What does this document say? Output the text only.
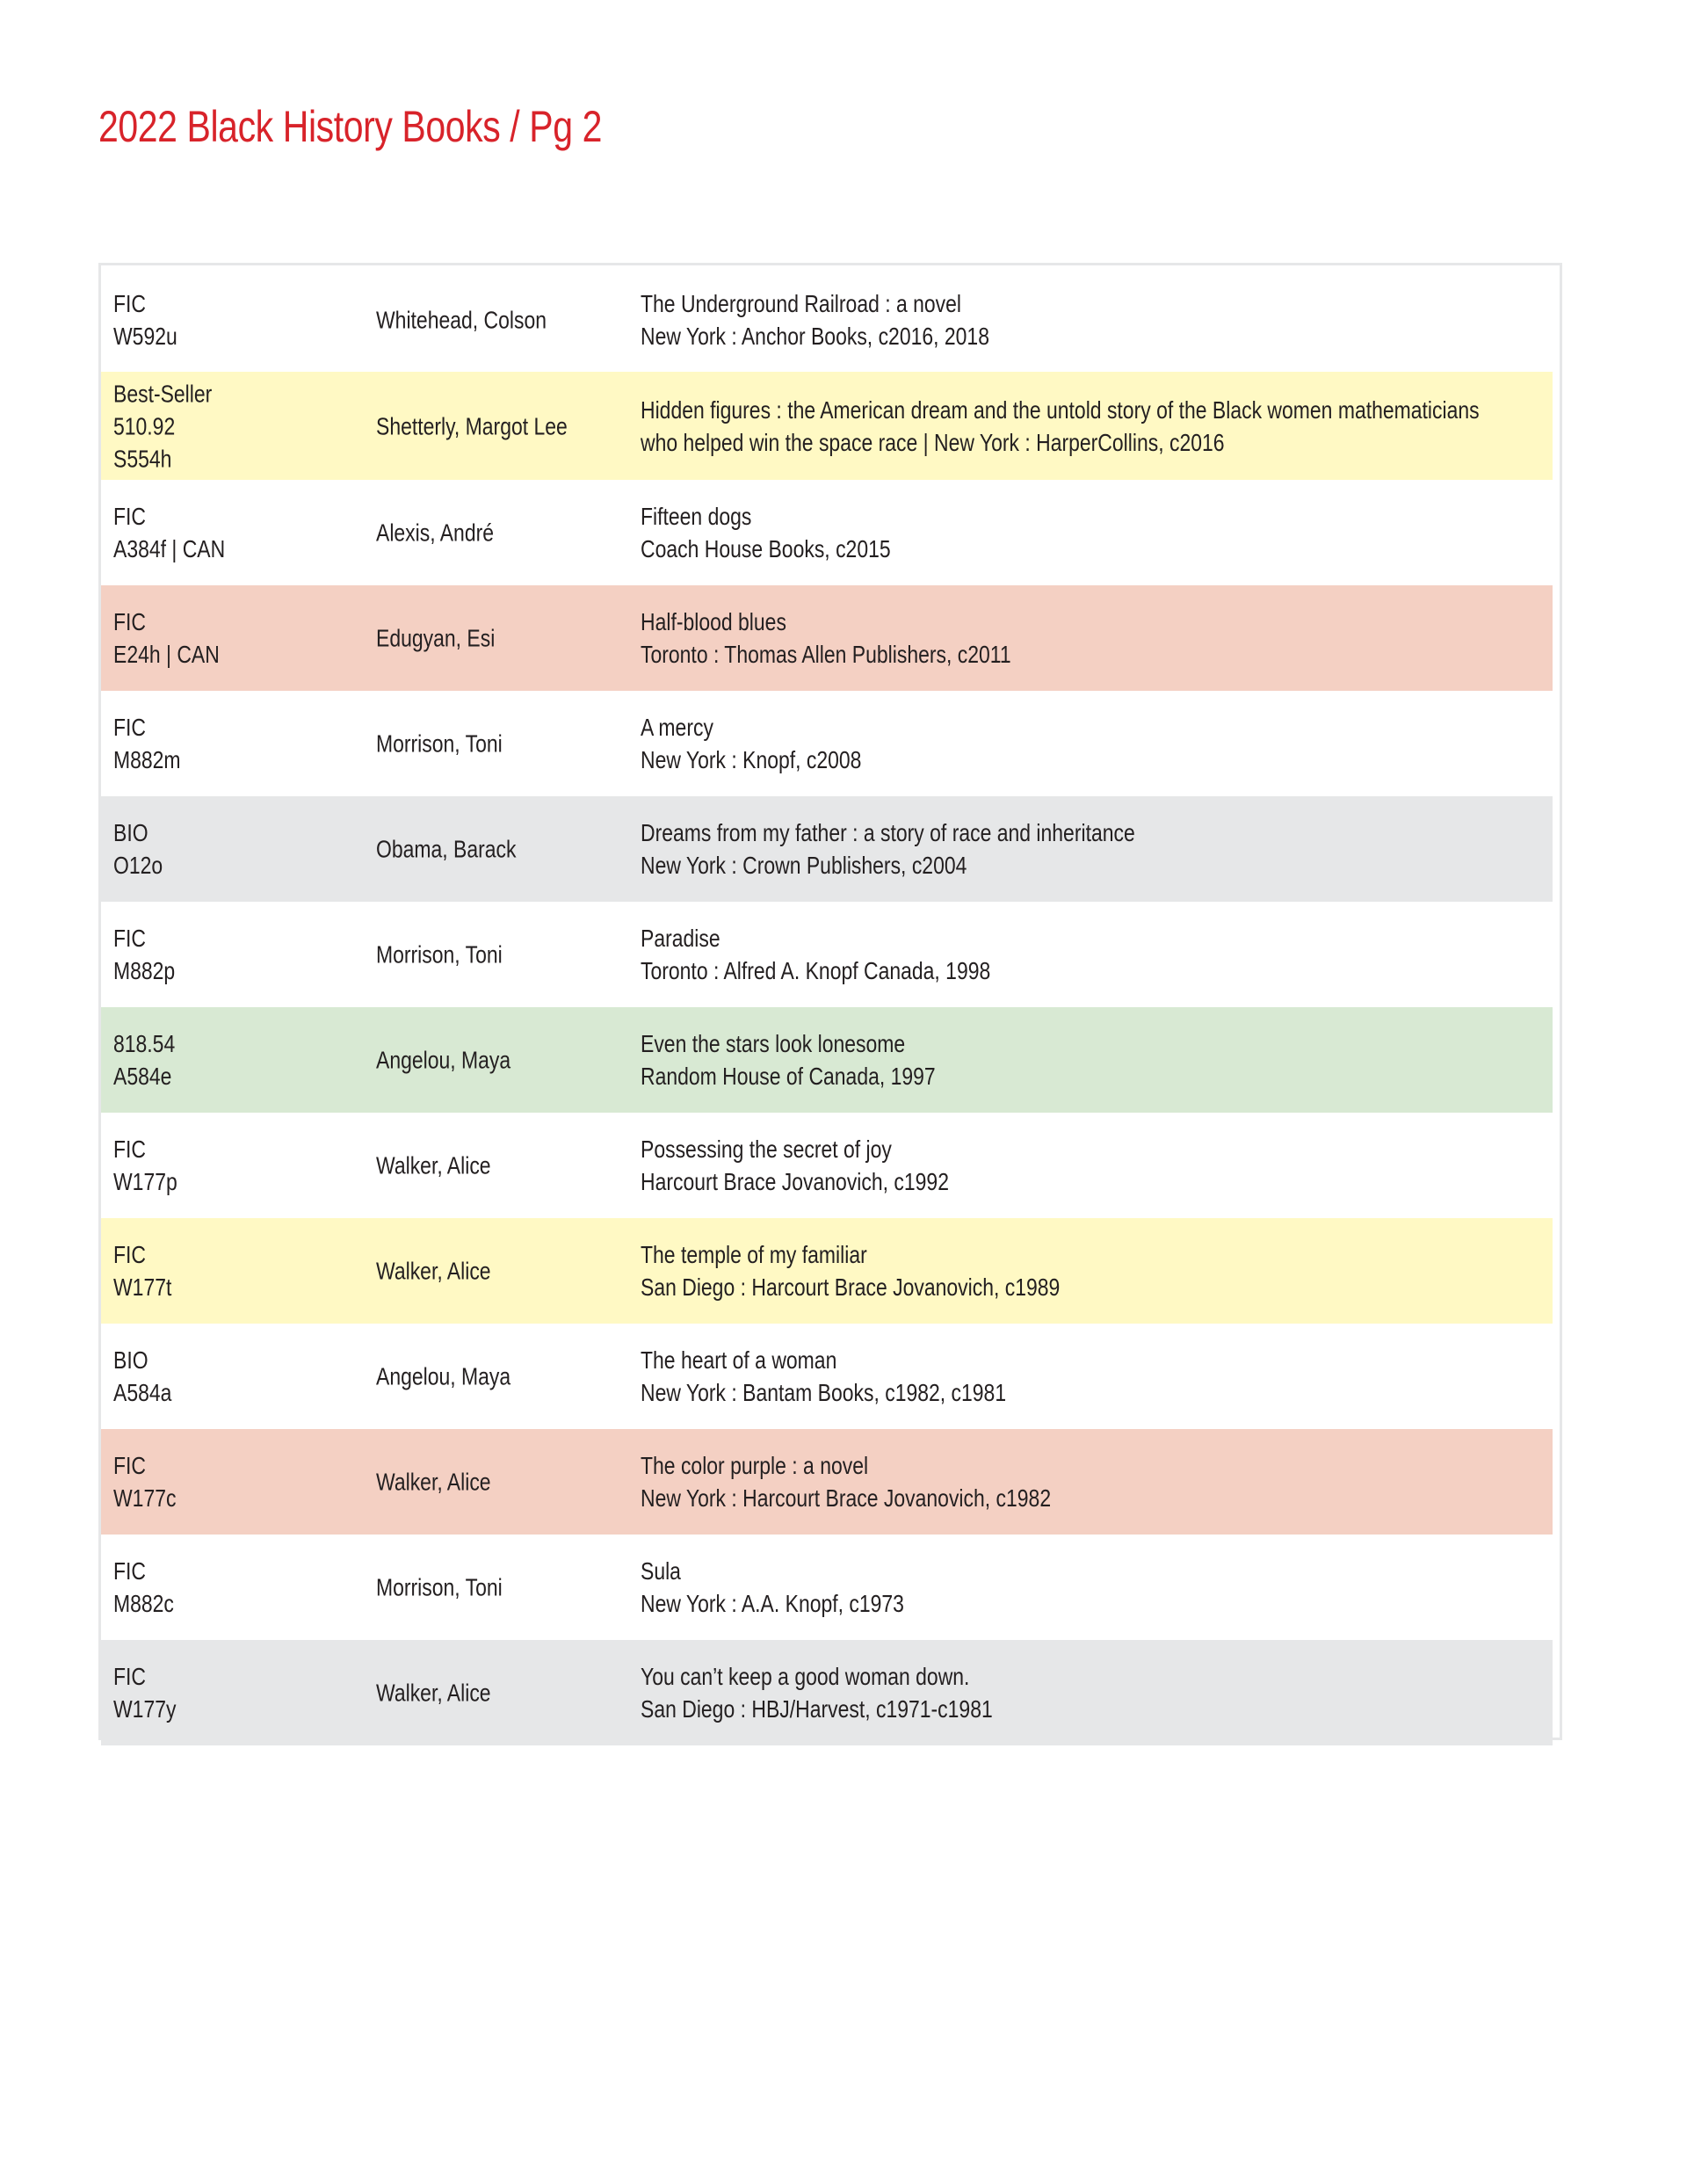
2022 Black History Books / Pg 2
FIC
W592u
Whitehead, Colson
The Underground Railroad : a novel
New York : Anchor Books, c2016, 2018
Best-Seller
510.92
S554h
Shetterly, Margot Lee
Hidden figures : the American dream and the untold story of the Black women mathematicians
who helped win the space race | New York : HarperCollins, c2016
FIC
A384f | CAN
Alexis, André
Fifteen dogs
Coach House Books, c2015
FIC
E24h | CAN
Edugyan, Esi
Half-blood blues
Toronto : Thomas Allen Publishers, c2011
FIC
M882m
Morrison, Toni
A mercy
New York : Knopf, c2008
BIO
O12o
Obama, Barack
Dreams from my father : a story of race and inheritance
New York : Crown Publishers, c2004
FIC
M882p
Morrison, Toni
Paradise
Toronto : Alfred A. Knopf Canada, 1998
818.54
A584e
Angelou, Maya
Even the stars look lonesome
Random House of Canada, 1997
FIC
W177p
Walker, Alice
Possessing the secret of joy
Harcourt Brace Jovanovich, c1992
FIC
W177t
Walker, Alice
The temple of my familiar
San Diego : Harcourt Brace Jovanovich, c1989
BIO
A584a
Angelou, Maya
The heart of a woman
New York : Bantam Books, c1982, c1981
FIC
W177c
Walker, Alice
The color purple : a novel
New York : Harcourt Brace Jovanovich, c1982
FIC
M882c
Morrison, Toni
Sula
New York : A.A. Knopf, c1973
FIC
W177y
Walker, Alice
You can’t keep a good woman down.
San Diego : HBJ/Harvest, c1971-c1981
